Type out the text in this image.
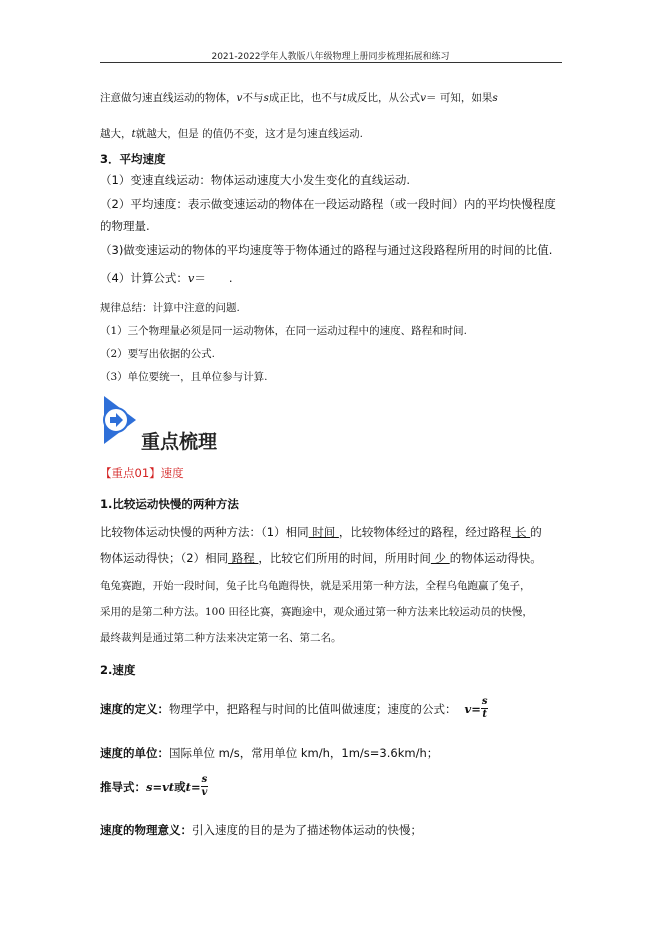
2021-2022学年人教版八年级物理上册同步梳理拓展和练习
注意做匀速直线运动的物体，v不与s成正比，也不与t成反比，从公式v＝ 可知，如果s
越大，t就越大，但是 的值仍不变，这才是匀速直线运动.
3．平均速度
（1）变速直线运动：物体运动速度大小发生变化的直线运动.
（2）平均速度：表示做变速运动的物体在一段运动路程（或一段时间）内的平均快慢程度
的物理量.
（3)做变速运动的物体的平均速度等于物体通过的路程与通过这段路程所用的时间的比值.
（4）计算公式：v＝　　.
规律总结：计算中注意的问题.
（1）三个物理量必须是同一运动物体，在同一运动过程中的速度、路程和时间.
（2）要写出依据的公式.
（3）单位要统一，且单位参与计算.
重点梳理
【重点01】速度
1.比较运动快慢的两种方法
比较物体运动快慢的两种方法：（1）相同 时间 ，比较物体经过的路程，经过路程 长 的
物体运动得快；（2）相同 路程 ，比较它们所用的时间，所用时间 少 的物体运动得快。
龟兔赛跑，开始一段时间，兔子比乌龟跑得快，就是采用第一种方法，全程乌龟跑赢了兔子，
采用的是第二种方法。100 田径比赛，赛跑途中，观众通过第一种方法来比较运动员的快慢，
最终裁判是通过第二种方法来决定第一名、第二名。
2.速度
速度的定义： 物理学中，把路程与时间的比值叫做速度；速度的公式： $v = \frac{s}{t}$
速度的单位：国际单位 m/s，常用单位 km/h，1m/s=3.6km/h；
推导式： s = vt 或 $t = \frac{s}{v}$
速度的物理意义：引入速度的目的是为了描述物体运动的快慢；
